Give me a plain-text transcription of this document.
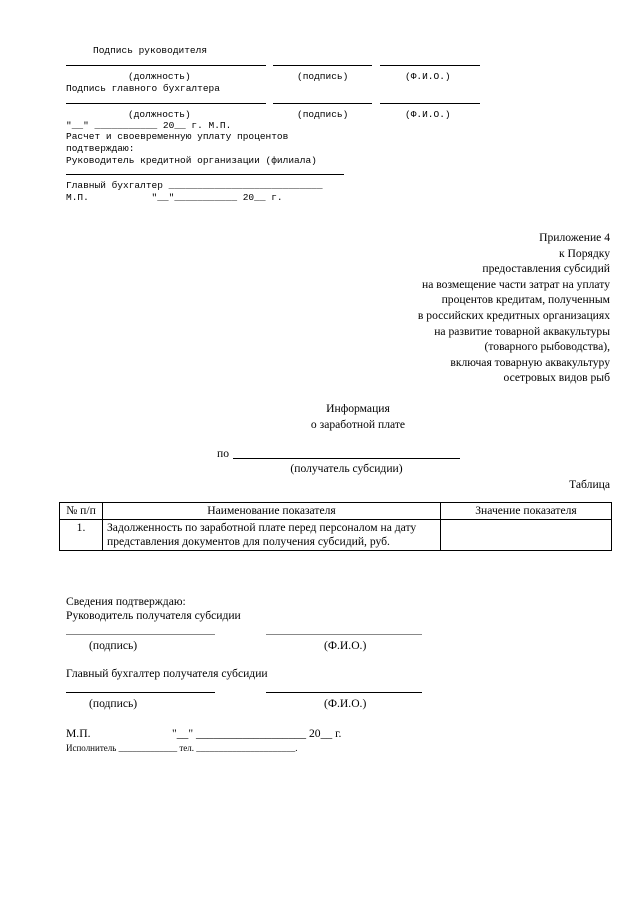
Подпись руководителя
(должность)	(подпись)	(Ф.И.О.)
Подпись главного бухгалтера
(должность)	(подпись)	(Ф.И.О.)
"__" ___________ 20__ г. М.П.
Расчет и своевременную уплату процентов
подтверждаю:
Руководитель кредитной организации (филиала)
Главный бухгалтер ___________________________
М.П.           "__"___________ 20__ г.
Приложение 4
к Порядку
предоставления субсидий
на возмещение части затрат на уплату
процентов кредитам, полученным
в российских кредитных организациях
на развитие товарной аквакультуры
(товарного рыбоводства),
включая товарную аквакультуру
осетровых видов рыб
Информация
о заработной плате
по
(получатель субсидии)
Таблица
№ п/п	Наименование показателя	Значение показателя
1.	Задолженность по заработной плате перед персоналом на дату представления документов для получения субсидий, руб.	
Сведения подтверждаю:
Руководитель получателя субсидии
(подпись)	(Ф.И.О.)
Главный бухгалтер получателя субсидии
(подпись)	(Ф.И.О.)
М.П.	"__" ___________________ 20__ г.
Исполнитель _____________ тел. ______________________.
